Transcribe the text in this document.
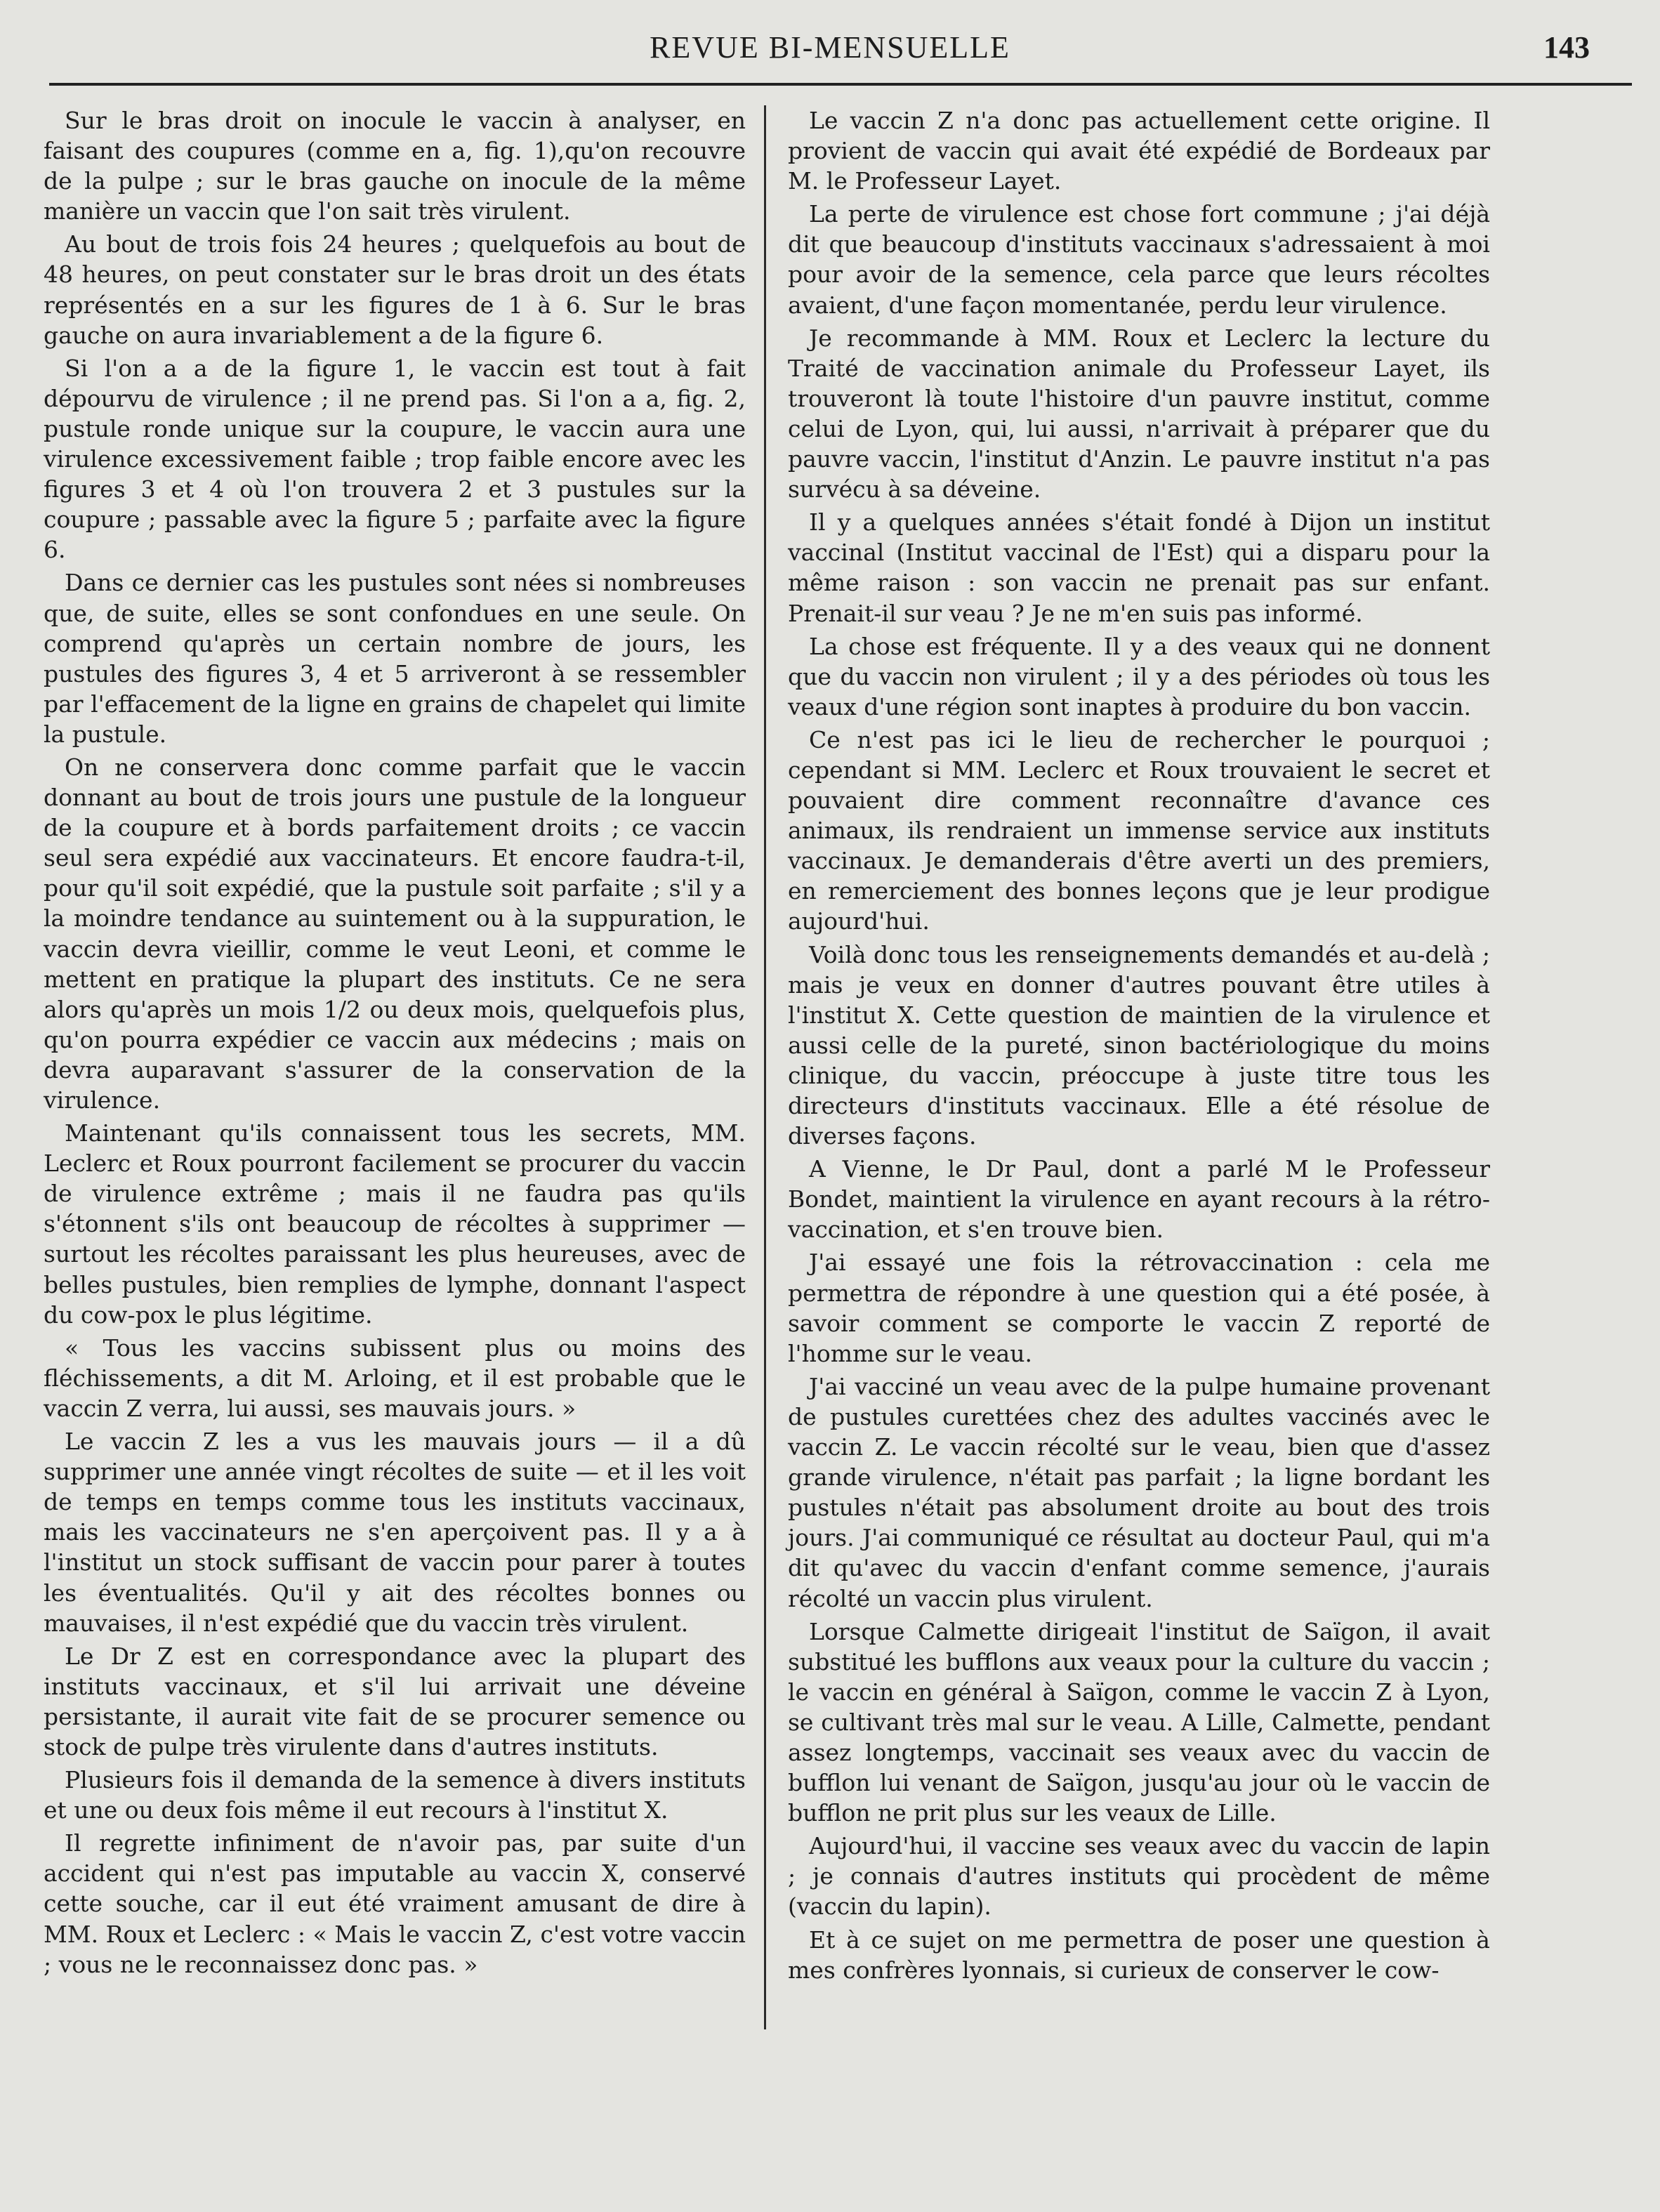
REVUE BI-MENSUELLE	143

Sur le bras droit on inocule le vaccin à analyser, en faisant des coupures (comme en a, fig. 1),qu'on recouvre de la pulpe ; sur le bras gauche on inocule de la même manière un vaccin que l'on sait très virulent.

Au bout de trois fois 24 heures ; quelquefois au bout de 48 heures, on peut constater sur le bras droit un des états représentés en a sur les figures de 1 à 6. Sur le bras gauche on aura invariablement a de la figure 6.

Si l'on a a de la figure 1, le vaccin est tout à fait dépourvu de virulence ; il ne prend pas. Si l'on a a, fig. 2, pustule ronde unique sur la coupure, le vaccin aura une virulence excessivement faible ; trop faible encore avec les figures 3 et 4 où l'on trouvera 2 et 3 pustules sur la coupure ; passable avec la figure 5 ; parfaite avec la figure 6.

Dans ce dernier cas les pustules sont nées si nombreuses que, de suite, elles se sont confondues en une seule. On comprend qu'après un certain nombre de jours, les pustules des figures 3, 4 et 5 arriveront à se ressembler par l'effacement de la ligne en grains de chapelet qui limite la pustule.

On ne conservera donc comme parfait que le vaccin donnant au bout de trois jours une pustule de la longueur de la coupure et à bords parfaitement droits ; ce vaccin seul sera expédié aux vaccinateurs. Et encore faudra-t-il, pour qu'il soit expédié, que la pustule soit parfaite ; s'il y a la moindre tendance au suintement ou à la suppuration, le vaccin devra vieillir, comme le veut Leoni, et comme le mettent en pratique la plupart des instituts. Ce ne sera alors qu'après un mois 1/2 ou deux mois, quelquefois plus, qu'on pourra expédier ce vaccin aux médecins ; mais on devra auparavant s'assurer de la conservation de la virulence.

Maintenant qu'ils connaissent tous les secrets, MM. Leclerc et Roux pourront facilement se procurer du vaccin de virulence extrême ; mais il ne faudra pas qu'ils s'étonnent s'ils ont beaucoup de récoltes à supprimer — surtout les récoltes paraissant les plus heureuses, avec de belles pustules, bien remplies de lymphe, donnant l'aspect du cow-pox le plus légitime.

« Tous les vaccins subissent plus ou moins des fléchissements, a dit M. Arloing, et il est probable que le vaccin Z verra, lui aussi, ses mauvais jours. »

Le vaccin Z les a vus les mauvais jours — il a dû supprimer une année vingt récoltes de suite — et il les voit de temps en temps comme tous les instituts vaccinaux, mais les vaccinateurs ne s'en aperçoivent pas. Il y a à l'institut un stock suffisant de vaccin pour parer à toutes les éventualités. Qu'il y ait des récoltes bonnes ou mauvaises, il n'est expédié que du vaccin très virulent.

Le Dr Z est en correspondance avec la plupart des instituts vaccinaux, et s'il lui arrivait une déveine persistante, il aurait vite fait de se procurer semence ou stock de pulpe très virulente dans d'autres instituts.

Plusieurs fois il demanda de la semence à divers instituts et une ou deux fois même il eut recours à l'institut X.

Il regrette infiniment de n'avoir pas, par suite d'un accident qui n'est pas imputable au vaccin X, conservé cette souche, car il eut été vraiment amusant de dire à MM. Roux et Leclerc : « Mais le vaccin Z, c'est votre vaccin ; vous ne le reconnaissez donc pas. »

Le vaccin Z n'a donc pas actuellement cette origine. Il provient de vaccin qui avait été expédié de Bordeaux par M. le Professeur Layet.

La perte de virulence est chose fort commune ; j'ai déjà dit que beaucoup d'instituts vaccinaux s'adressaient à moi pour avoir de la semence, cela parce que leurs récoltes avaient, d'une façon momentanée, perdu leur virulence.

Je recommande à MM. Roux et Leclerc la lecture du Traité de vaccination animale du Professeur Layet, ils trouveront là toute l'histoire d'un pauvre institut, comme celui de Lyon, qui, lui aussi, n'arrivait à préparer que du pauvre vaccin, l'institut d'Anzin. Le pauvre institut n'a pas survécu à sa déveine.

Il y a quelques années s'était fondé à Dijon un institut vaccinal (Institut vaccinal de l'Est) qui a disparu pour la même raison : son vaccin ne prenait pas sur enfant. Prenait-il sur veau ? Je ne m'en suis pas informé.

La chose est fréquente. Il y a des veaux qui ne donnent que du vaccin non virulent ; il y a des périodes où tous les veaux d'une région sont inaptes à produire du bon vaccin.

Ce n'est pas ici le lieu de rechercher le pourquoi ; cependant si MM. Leclerc et Roux trouvaient le secret et pouvaient dire comment reconnaître d'avance ces animaux, ils rendraient un immense service aux instituts vaccinaux. Je demanderais d'être averti un des premiers, en remerciement des bonnes leçons que je leur prodigue aujourd'hui.

Voilà donc tous les renseignements demandés et au-delà ; mais je veux en donner d'autres pouvant être utiles à l'institut X. Cette question de maintien de la virulence et aussi celle de la pureté, sinon bactériologique du moins clinique, du vaccin, préoccupe à juste titre tous les directeurs d'instituts vaccinaux. Elle a été résolue de diverses façons.

A Vienne, le Dr Paul, dont a parlé M le Professeur Bondet, maintient la virulence en ayant recours à la rétro-vaccination, et s'en trouve bien.

J'ai essayé une fois la rétrovaccination : cela me permettra de répondre à une question qui a été posée, à savoir comment se comporte le vaccin Z reporté de l'homme sur le veau.

J'ai vacciné un veau avec de la pulpe humaine provenant de pustules curettées chez des adultes vaccinés avec le vaccin Z. Le vaccin récolté sur le veau, bien que d'assez grande virulence, n'était pas parfait ; la ligne bordant les pustules n'était pas absolument droite au bout des trois jours. J'ai communiqué ce résultat au docteur Paul, qui m'a dit qu'avec du vaccin d'enfant comme semence, j'aurais récolté un vaccin plus virulent.

Lorsque Calmette dirigeait l'institut de Saïgon, il avait substitué les bufflons aux veaux pour la culture du vaccin ; le vaccin en général à Saïgon, comme le vaccin Z à Lyon, se cultivant très mal sur le veau. A Lille, Calmette, pendant assez longtemps, vaccinait ses veaux avec du vaccin de bufflon lui venant de Saïgon, jusqu'au jour où le vaccin de bufflon ne prit plus sur les veaux de Lille.

Aujourd'hui, il vaccine ses veaux avec du vaccin de lapin ; je connais d'autres instituts qui procèdent de même (vaccin du lapin).

Et à ce sujet on me permettra de poser une question à mes confrères lyonnais, si curieux de conserver le cow-
